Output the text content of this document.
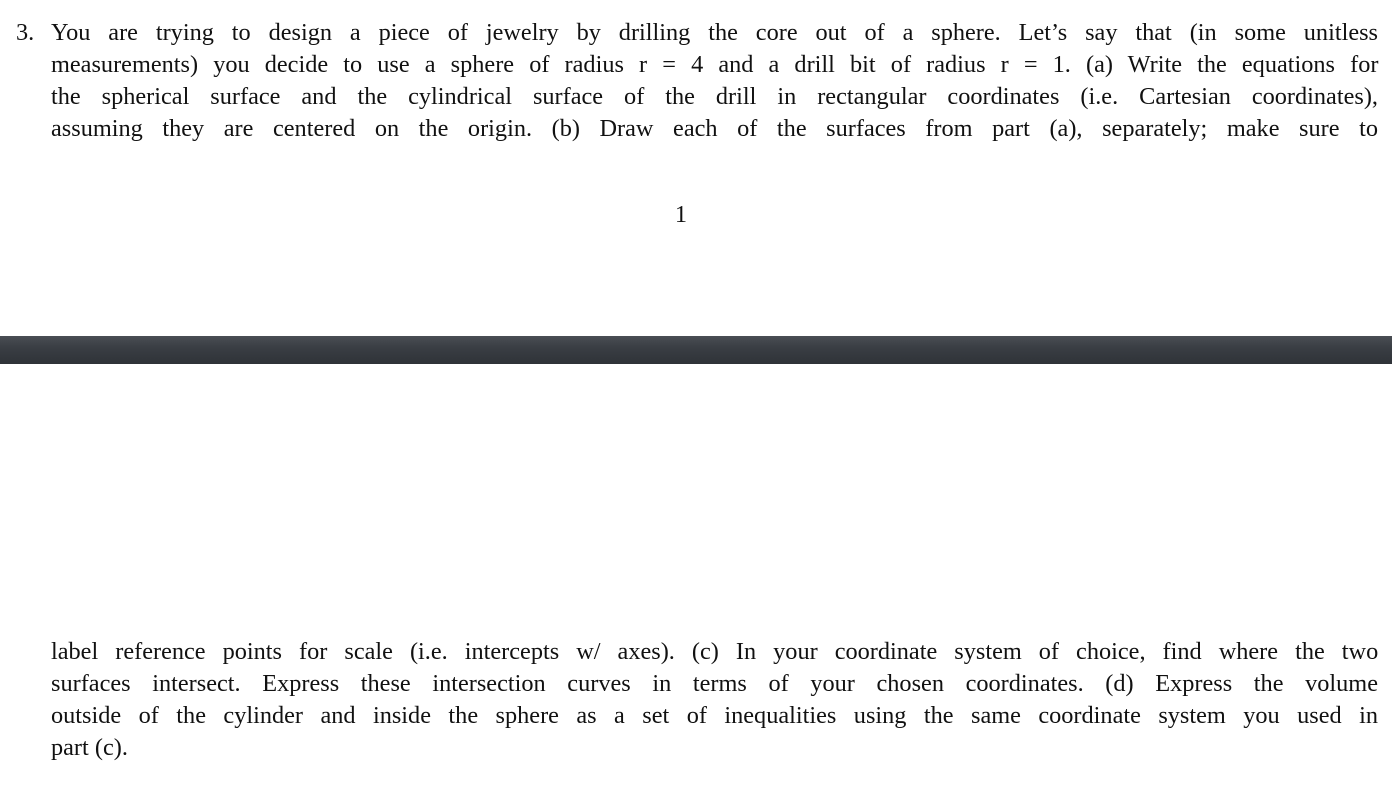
3. You are trying to design a piece of jewelry by drilling the core out of a sphere. Let’s say that (in some unitless
measurements) you decide to use a sphere of radius r = 4 and a drill bit of radius r = 1. (a) Write the equations for
the spherical surface and the cylindrical surface of the drill in rectangular coordinates (i.e. Cartesian coordinates),
assuming they are centered on the origin. (b) Draw each of the surfaces from part (a), separately; make sure to
1
label reference points for scale (i.e. intercepts w/ axes). (c) In your coordinate system of choice, find where the two
surfaces intersect. Express these intersection curves in terms of your chosen coordinates. (d) Express the volume
outside of the cylinder and inside the sphere as a set of inequalities using the same coordinate system you used in
part (c).
